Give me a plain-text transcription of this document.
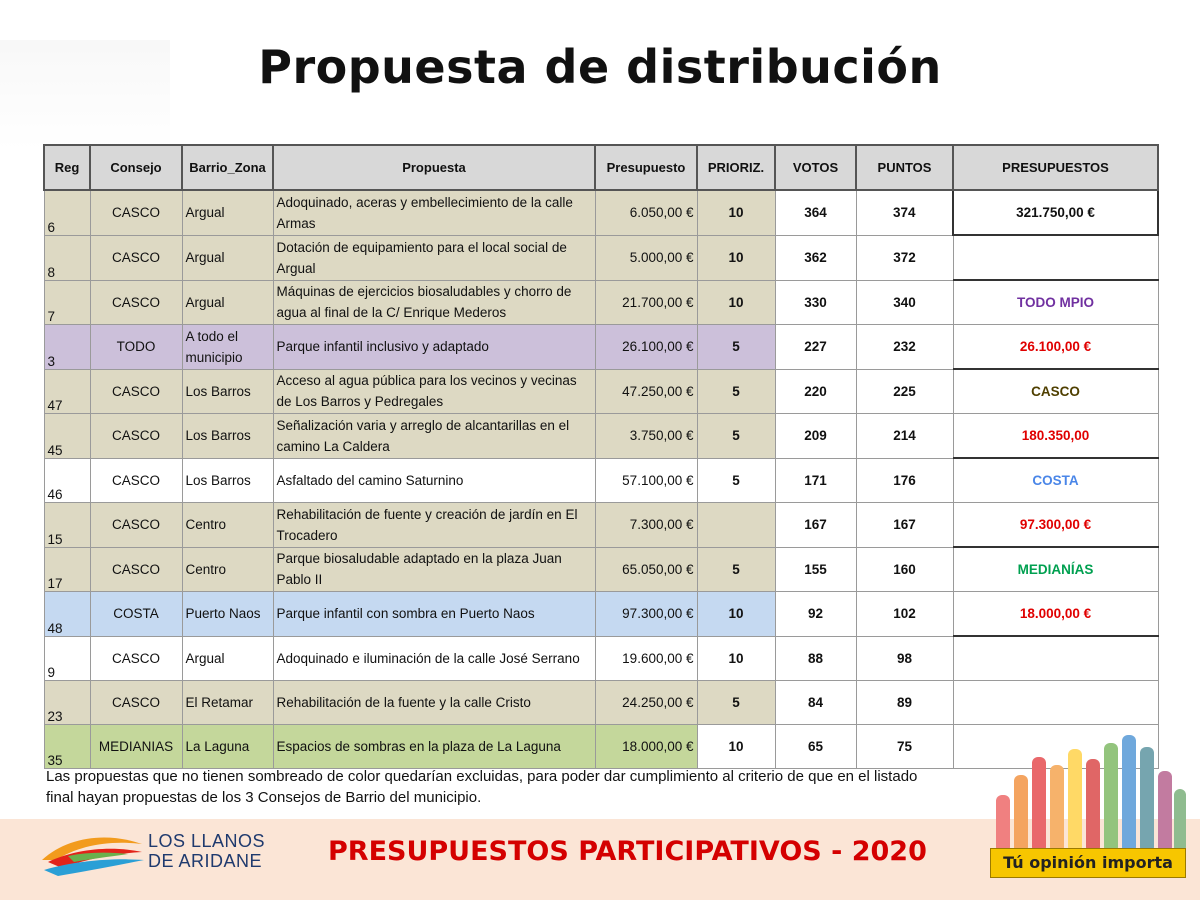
Propuesta de distribución
Reg	Consejo	Barrio_Zona	Propuesta	Presupuesto	PRIORIZ.	VOTOS	PUNTOS	PRESUPUESTOS
6	CASCO	Argual	Adoquinado, aceras y embellecimiento de la calle Armas	6.050,00 €	10	364	374	321.750,00 €
8	CASCO	Argual	Dotación de equipamiento para el local social de Argual	5.000,00 €	10	362	372	
7	CASCO	Argual	Máquinas de ejercicios biosaludables y chorro de agua al final de la C/ Enrique Mederos	21.700,00 €	10	330	340	TODO MPIO
3	TODO	A todo el municipio	Parque infantil inclusivo y adaptado	26.100,00 €	5	227	232	26.100,00 €
47	CASCO	Los Barros	Acceso al agua pública para los vecinos y vecinas de Los Barros y Pedregales	47.250,00 €	5	220	225	CASCO
45	CASCO	Los Barros	Señalización varia y arreglo de alcantarillas en el camino La Caldera	3.750,00 €	5	209	214	180.350,00
46	CASCO	Los Barros	Asfaltado del camino Saturnino	57.100,00 €	5	171	176	COSTA
15	CASCO	Centro	Rehabilitación de fuente y creación de jardín en El Trocadero	7.300,00 €		167	167	97.300,00 €
17	CASCO	Centro	Parque biosaludable adaptado en la plaza Juan Pablo II	65.050,00 €	5	155	160	MEDIANÍAS
48	COSTA	Puerto Naos	Parque infantil con sombra en Puerto Naos	97.300,00 €	10	92	102	18.000,00 €
9	CASCO	Argual	Adoquinado e iluminación de la calle José Serrano	19.600,00 €	10	88	98	
23	CASCO	El Retamar	Rehabilitación de la fuente y la calle Cristo	24.250,00 €	5	84	89	
35	MEDIANIAS	La Laguna	Espacios de sombras en la plaza de La Laguna	18.000,00 €	10	65	75	
Las propuestas que no tienen sombreado de color quedarían excluidas, para poder dar cumplimiento al criterio de que en el listado final hayan propuestas de los 3 Consejos de Barrio del municipio.
LOS LLANOS
DE ARIDANE PRESUPUESTOS PARTICIPATIVOS - 2020	Tú opinión importa
